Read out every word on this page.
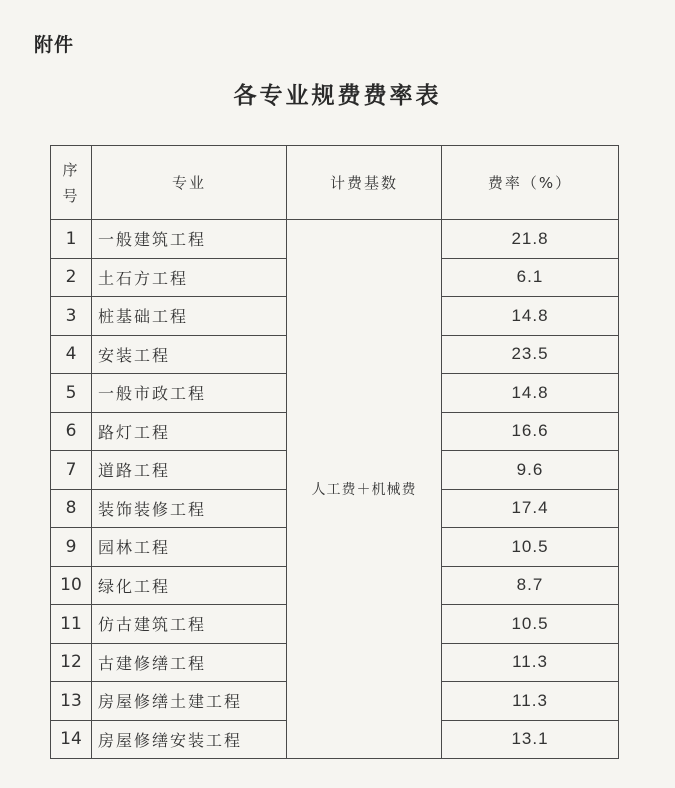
附件
各专业规费费率表
序
号	专业	计费基数	费率（%）
1	一般建筑工程	人工费＋机械费	21.8
2	土石方工程		6.1
3	桩基础工程		14.8
4	安装工程		23.5
5	一般市政工程		14.8
6	路灯工程		16.6
7	道路工程		9.6
8	装饰装修工程		17.4
9	园林工程		10.5
10	绿化工程		8.7
11	仿古建筑工程		10.5
12	古建修缮工程		11.3
13	房屋修缮土建工程		11.3
14	房屋修缮安装工程		13.1
